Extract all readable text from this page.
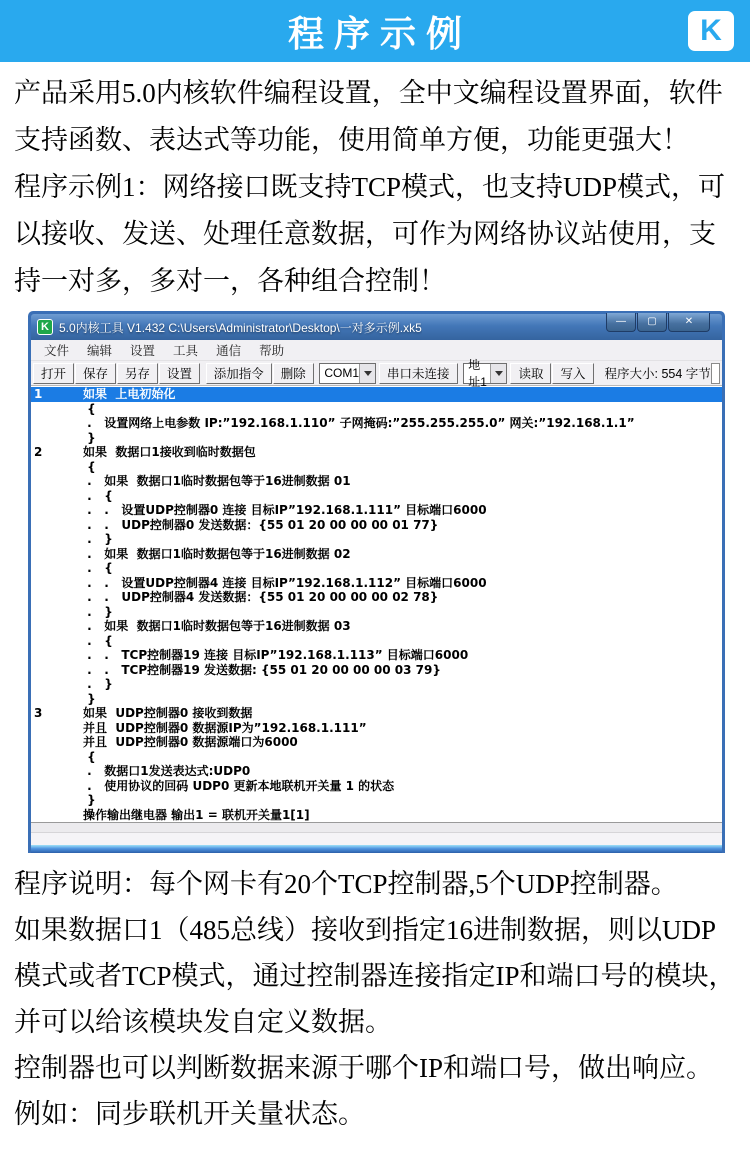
程序示例	K

产品采用5.0内核软件编程设置，全中文编程设置界面，软件支持函数、表达式等功能，使用简单方便，功能更强大！

程序示例1：网络接口既支持TCP模式，也支持UDP模式，可以接收、发送、处理任意数据，可作为网络协议站使用，支持一对多，多对一，各种组合控制！

K 5.0内核工具 V1.432 C:\Users\Administrator\Desktop\一对多示例.xk5	—	▢	✕
文件	编辑	设置	工具	通信	帮助
打开	保存	另存	设置	添加指令	删除	COM1	串口未连接
地址1
读取	写入	程序大小: 554 字节
1	如果  上电初始化
{
.   设置网络上电参数 IP:”192.168.1.110” 子网掩码:”255.255.255.0” 网关:”192.168.1.1”
}
2	如果  数据口1接收到临时数据包
{
.   如果  数据口1临时数据包等于16进制数据 01
.   {
.   .   设置UDP控制器0 连接 目标IP”192.168.1.111” 目标端口6000
.   .   UDP控制器0 发送数据：{55 01 20 00 00 00 01 77}
.   }
.   如果  数据口1临时数据包等于16进制数据 02
.   {
.   .   设置UDP控制器4 连接 目标IP”192.168.1.112” 目标端口6000
.   .   UDP控制器4 发送数据：{55 01 20 00 00 00 02 78}
.   }
.   如果  数据口1临时数据包等于16进制数据 03
.   {
.   .   TCP控制器19 连接 目标IP”192.168.1.113” 目标端口6000
.   .   TCP控制器19 发送数据: {55 01 20 00 00 00 03 79}
.   }
}
3	如果  UDP控制器0 接收到数据
并且  UDP控制器0 数据源IP为”192.168.1.111”
并且  UDP控制器0 数据源端口为6000
{
.   数据口1发送表达式:UDP0
.   使用协议的回码 UDP0 更新本地联机开关量 1 的状态
}
操作输出继电器 输出1 = 联机开关量1[1]

程序说明：每个网卡有20个TCP控制器,5个UDP控制器。

如果数据口1（485总线）接收到指定16进制数据，则以UDP模式或者TCP模式，通过控制器连接指定IP和端口号的模块，并可以给该模块发自定义数据。

控制器也可以判断数据来源于哪个IP和端口号，做出响应。例如：同步联机开关量状态。
